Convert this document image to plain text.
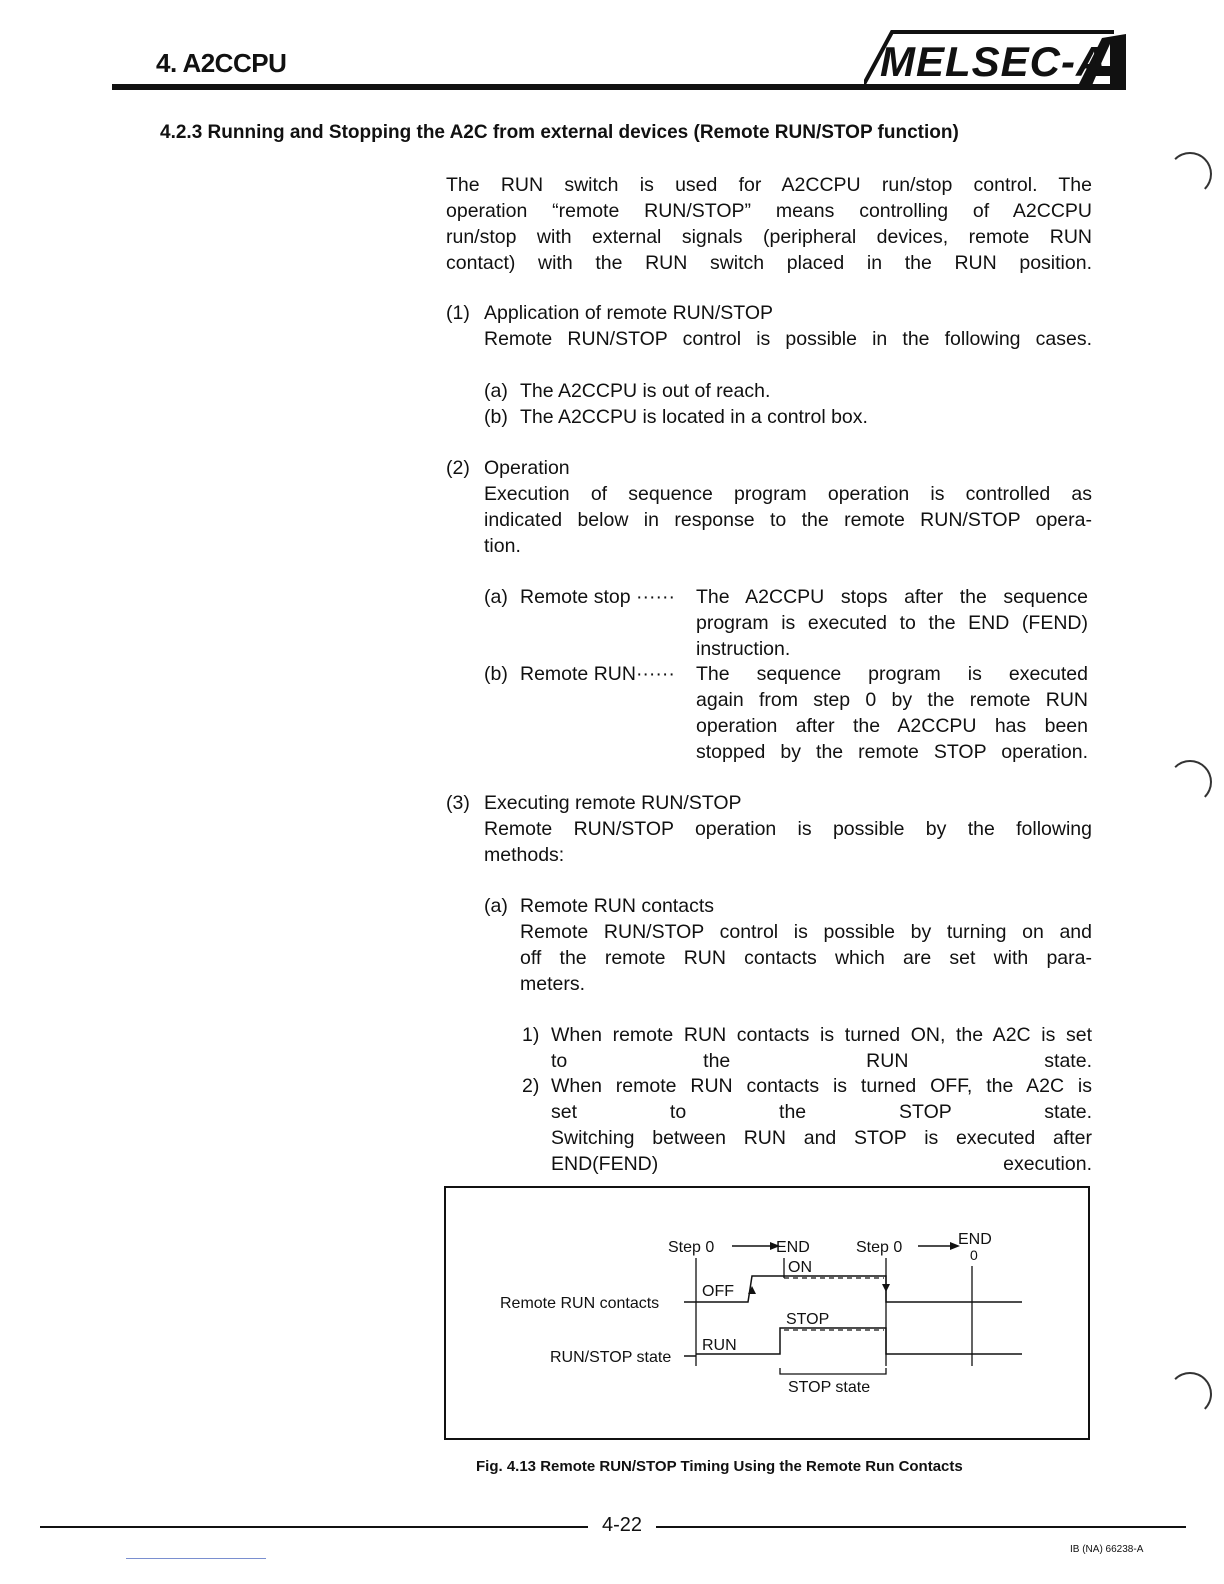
4. A2CCPU	MELSEC-A
4.2.3 Running and Stopping the A2C from external devices (Remote RUN/STOP function)
The RUN switch is used for A2CCPU run/stop control. The
operation “remote RUN/STOP” means controlling of A2CCPU
run/stop with external signals (peripheral devices, remote RUN
contact) with the RUN switch placed in the RUN position.
(1) Application of remote RUN/STOP
Remote RUN/STOP control is possible in the following cases.
(a) The A2CCPU is out of reach.
(b) The A2CCPU is located in a control box.
(2) Operation
Execution of sequence program operation is controlled as
indicated below in response to the remote RUN/STOP opera-
tion.
(a) Remote stop ······ The A2CCPU stops after the sequence
program is executed to the END (FEND)
instruction.
(b) Remote RUN······ The sequence program is executed
again from step 0 by the remote RUN
operation after the A2CCPU has been
stopped by the remote STOP operation.
(3) Executing remote RUN/STOP
Remote RUN/STOP operation is possible by the following
methods:
(a) Remote RUN contacts
Remote RUN/STOP control is possible by turning on and
off the remote RUN contacts which are set with para-
meters.
1) When remote RUN contacts is turned ON, the A2C is set
to the RUN state.
2) When remote RUN contacts is turned OFF, the A2C is
set to the STOP state.
Switching between RUN and STOP is executed after
END(FEND) execution.
Step 0	END	Step 0	END
0
Remote RUN contacts
ON
OFF
RUN/STOP state
STOP
RUN
STOP state
Fig. 4.13 Remote RUN/STOP Timing Using the Remote Run Contacts
4-22
IB (NA) 66238-A
